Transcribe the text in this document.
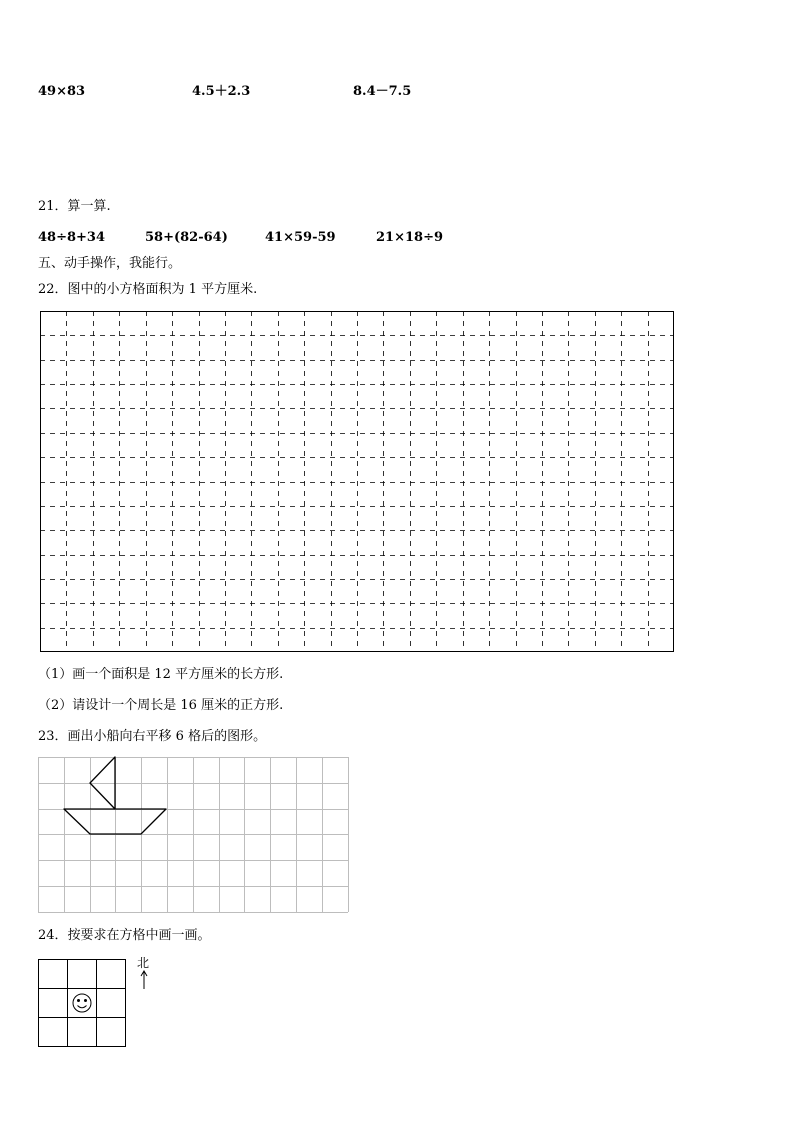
49×83	4.5＋2.3	8.4－7.5
21．算一算.
48÷8+34	58+(82-64)	41×59-59	21×18÷9
五、动手操作，我能行。
22．图中的小方格面积为 1 平方厘米.
（1）画一个面积是 12 平方厘米的长方形.
（2）请设计一个周长是 16 厘米的正方形.
23．画出小船向右平移 6 格后的图形。
24．按要求在方格中画一画。
北
